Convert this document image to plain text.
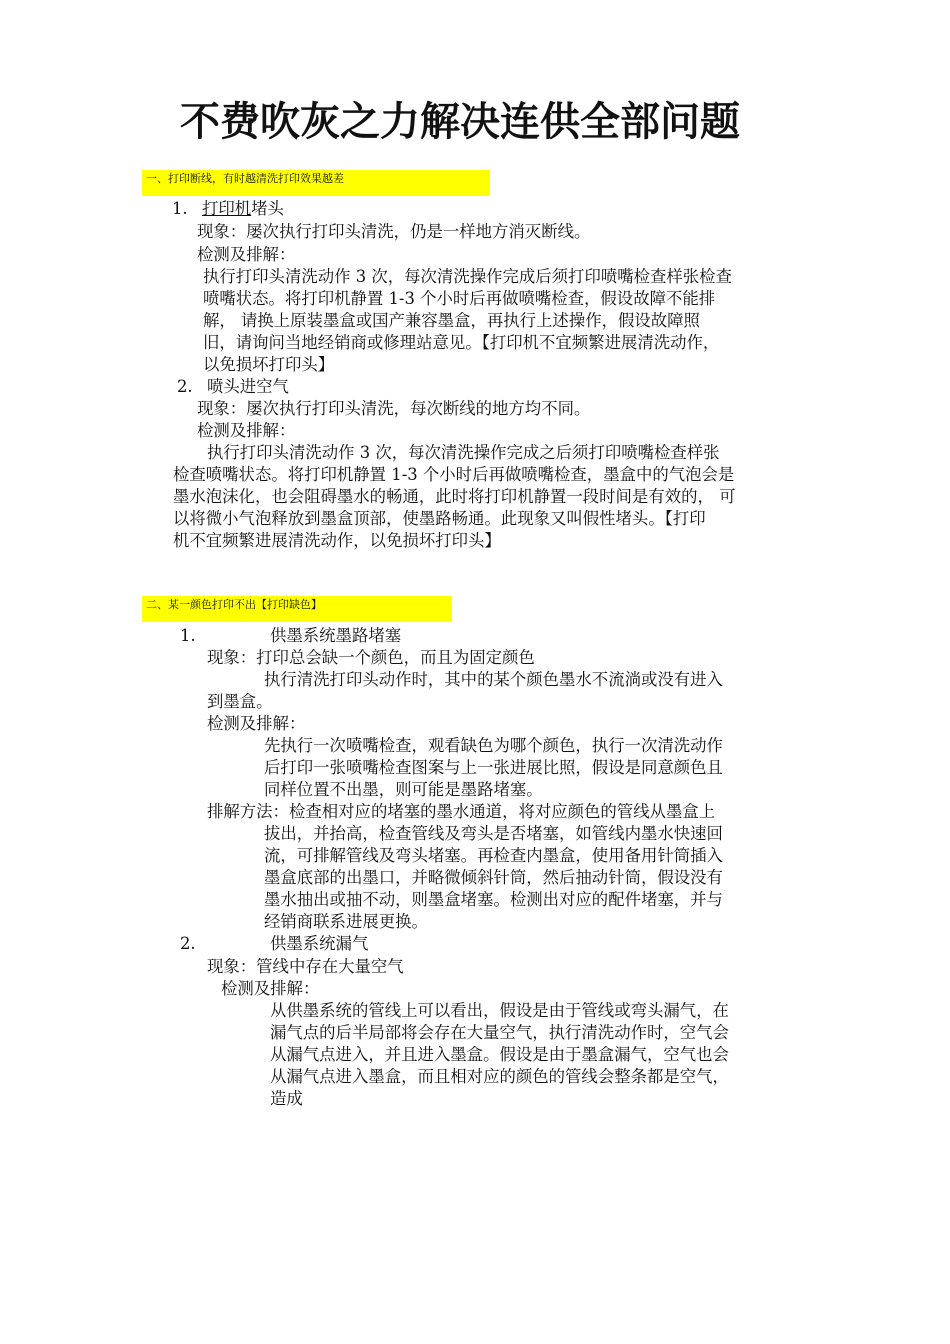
不费吹灰之力解决连供全部问题
一、打印断线，有时越清洗打印效果越差
1. 打印机堵头
现象：屡次执行打印头清洗，仍是一样地方消灭断线。
检测及排解：
执行打印头清洗动作 3 次，每次清洗操作完成后须打印喷嘴检查样张检查
喷嘴状态。将打印机静置 1-3 个小时后再做喷嘴检查，假设故障不能排
解， 请换上原装墨盒或国产兼容墨盒，再执行上述操作，假设故障照
旧，请询问当地经销商或修理站意见。【打印机不宜频繁进展清洗动作，
以免损坏打印头】
2. 喷头进空气
现象：屡次执行打印头清洗，每次断线的地方均不同。
检测及排解：
执行打印头清洗动作 3 次，每次清洗操作完成之后须打印喷嘴检查样张
检查喷嘴状态。将打印机静置 1-3 个小时后再做喷嘴检查，墨盒中的气泡会是
墨水泡沫化，也会阻碍墨水的畅通，此时将打印机静置一段时间是有效的， 可
以将微小气泡释放到墨盒顶部，使墨路畅通。此现象又叫假性堵头。【打印
机不宜频繁进展清洗动作，以免损坏打印头】
二、某一颜色打印不出【打印缺色】
1.	供墨系统墨路堵塞
现象：打印总会缺一个颜色，而且为固定颜色
执行清洗打印头动作时，其中的某个颜色墨水不流淌或没有进入
到墨盒。
检测及排解：
先执行一次喷嘴检查，观看缺色为哪个颜色，执行一次清洗动作
后打印一张喷嘴检查图案与上一张进展比照，假设是同意颜色且
同样位置不出墨，则可能是墨路堵塞。
排解方法： 检查相对应的堵塞的墨水通道，将对应颜色的管线从墨盒上
拔出，并抬高，检查管线及弯头是否堵塞，如管线内墨水快速回
流，可排解管线及弯头堵塞。再检查内墨盒，使用备用针筒插入
墨盒底部的出墨口，并略微倾斜针筒，然后抽动针筒，假设没有
墨水抽出或抽不动，则墨盒堵塞。检测出对应的配件堵塞，并与
经销商联系进展更换。
2.	供墨系统漏气
现象：管线中存在大量空气
检测及排解：
从供墨系统的管线上可以看出，假设是由于管线或弯头漏气，在
漏气点的后半局部将会存在大量空气，执行清洗动作时，空气会
从漏气点进入，并且进入墨盒。假设是由于墨盒漏气，空气也会
从漏气点进入墨盒，而且相对应的颜色的管线会整条都是空气，
造成
